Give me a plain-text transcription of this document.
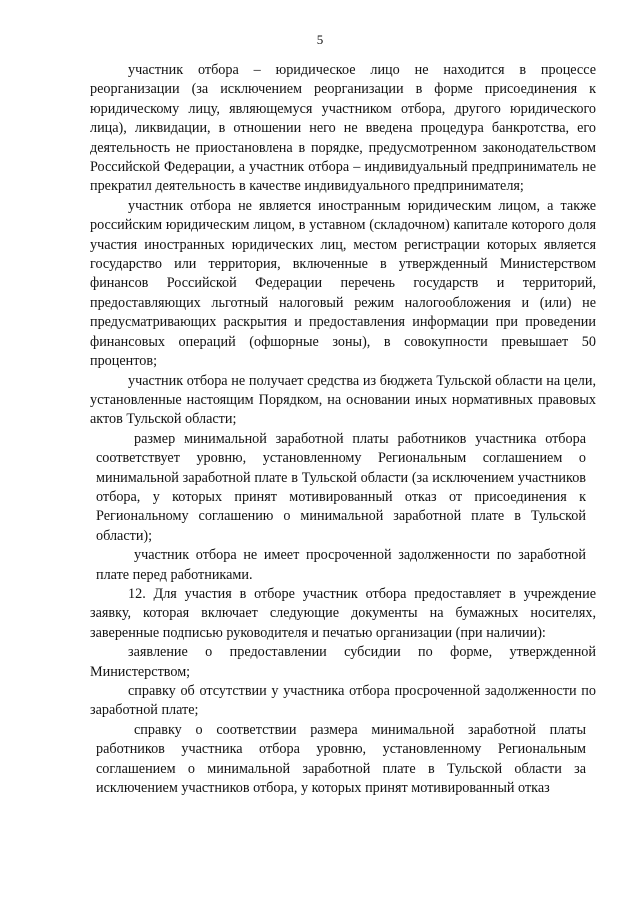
5

участник отбора – юридическое лицо не находится в процессе реорганизации (за исключением реорганизации в форме присоединения к юридическому лицу, являющемуся участником отбора, другого юридического лица), ликвидации, в отношении него не введена процедура банкротства, его деятельность не приостановлена в порядке, предусмотренном законодательством Российской Федерации, а участник отбора – индивидуальный предприниматель не прекратил деятельность в качестве индивидуального предпринимателя;

участник отбора не является иностранным юридическим лицом, а также российским юридическим лицом, в уставном (складочном) капитале которого доля участия иностранных юридических лиц, местом регистрации которых является государство или территория, включенные в утвержденный Министерством финансов Российской Федерации перечень государств и территорий, предоставляющих льготный налоговый режим налогообложения и (или) не предусматривающих раскрытия и предоставления информации при проведении финансовых операций (офшорные зоны), в совокупности превышает 50 процентов;

участник отбора не получает средства из бюджета Тульской области на цели, установленные настоящим Порядком, на основании иных нормативных правовых актов Тульской области;

размер минимальной заработной платы работников участника отбора соответствует уровню, установленному Региональным соглашением о минимальной заработной плате в Тульской области (за исключением участников отбора, у которых принят мотивированный отказ от присоединения к Региональному соглашению о минимальной заработной плате в Тульской области);

участник отбора не имеет просроченной задолженности по заработной плате перед работниками.

12. Для участия в отборе участник отбора предоставляет в учреждение заявку, которая включает следующие документы на бумажных носителях, заверенные подписью руководителя и печатью организации (при наличии):

заявление о предоставлении субсидии по форме, утвержденной Министерством;

справку об отсутствии у участника отбора просроченной задолженности по заработной плате;

справку о соответствии размера минимальной заработной платы работников участника отбора уровню, установленному Региональным соглашением о минимальной заработной плате в Тульской области за исключением участников отбора, у которых принят мотивированный отказ
